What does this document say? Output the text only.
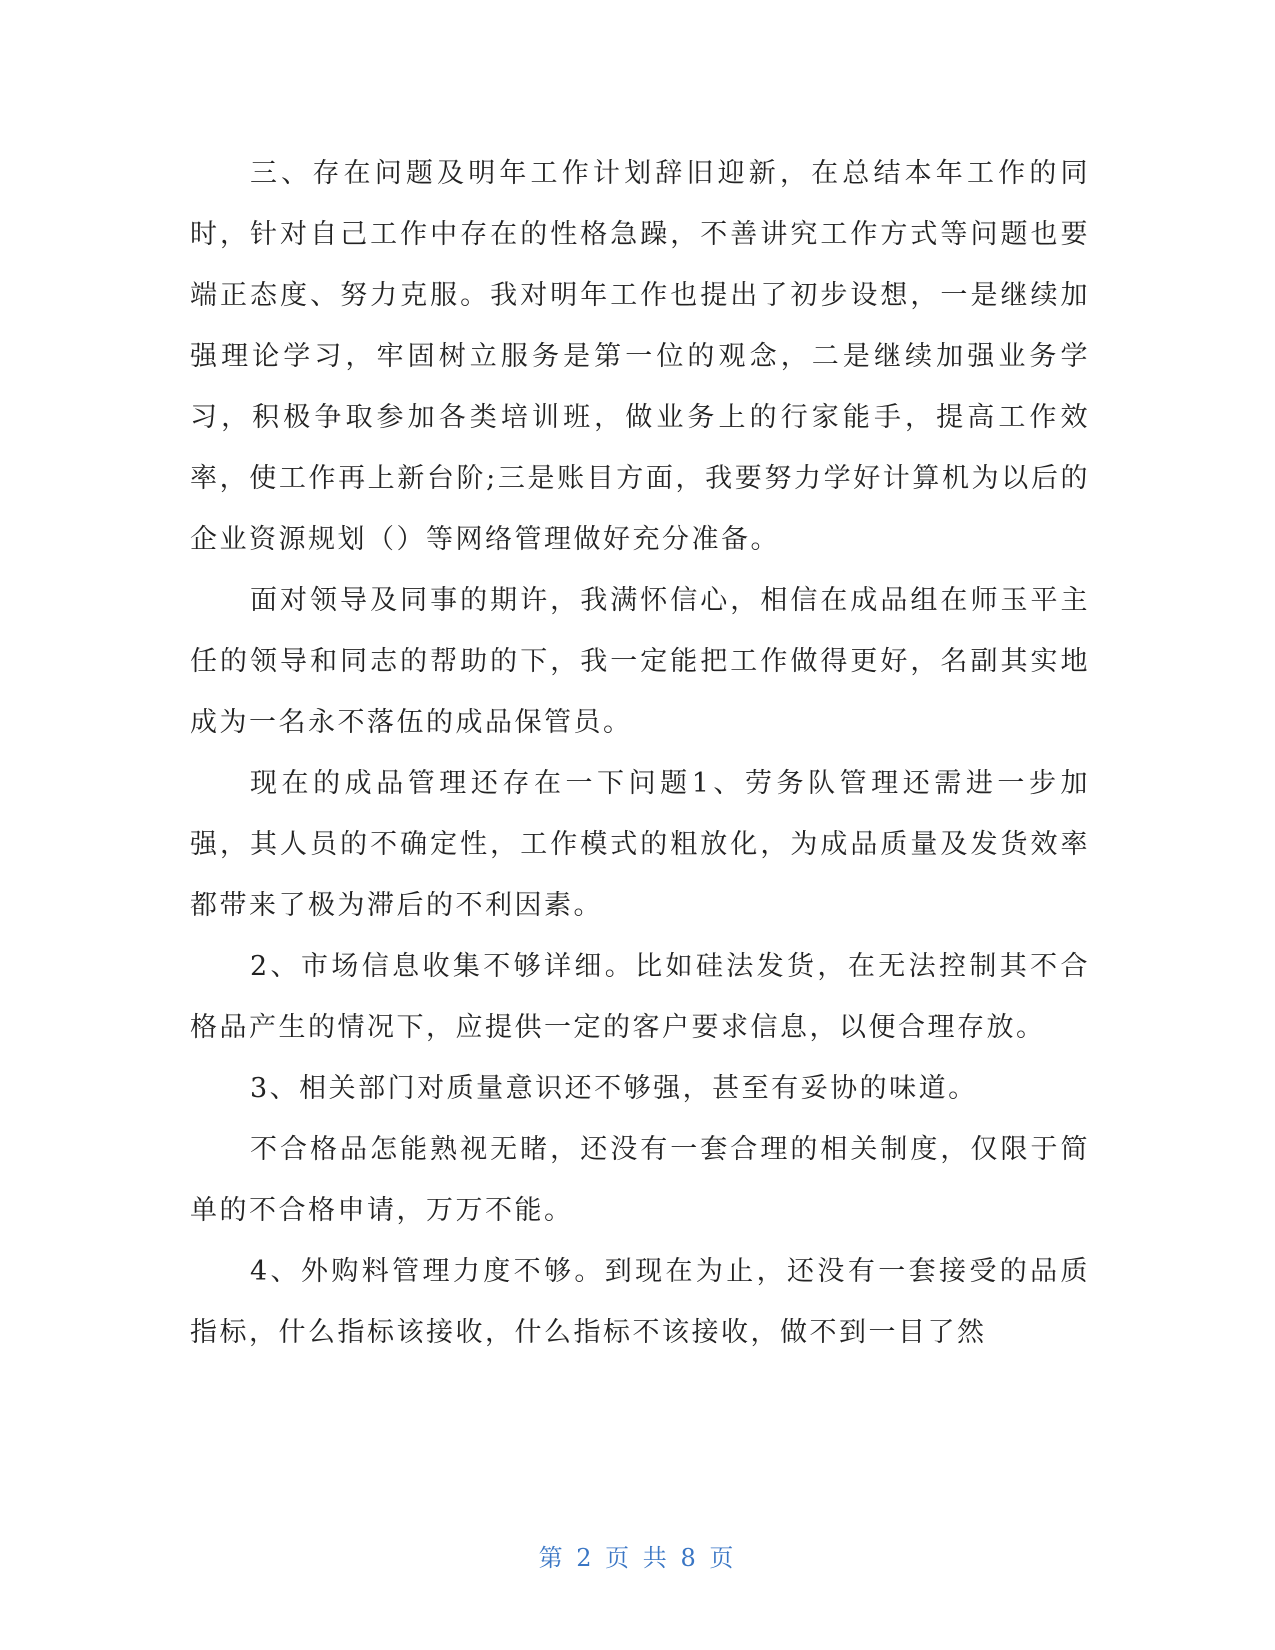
三、存在问题及明年工作计划辞旧迎新，在总结本年工作的同时，针对自己工作中存在的性格急躁，不善讲究工作方式等问题也要端正态度、努力克服。我对明年工作也提出了初步设想，一是继续加强理论学习，牢固树立服务是第一位的观念，二是继续加强业务学习，积极争取参加各类培训班，做业务上的行家能手，提高工作效率，使工作再上新台阶;三是账目方面，我要努力学好计算机为以后的企业资源规划（）等网络管理做好充分准备。

面对领导及同事的期许，我满怀信心，相信在成品组在师玉平主任的领导和同志的帮助的下，我一定能把工作做得更好，名副其实地成为一名永不落伍的成品保管员。

现在的成品管理还存在一下问题1、劳务队管理还需进一步加强，其人员的不确定性，工作模式的粗放化，为成品质量及发货效率都带来了极为滞后的不利因素。

2、市场信息收集不够详细。比如硅法发货，在无法控制其不合格品产生的情况下，应提供一定的客户要求信息，以便合理存放。

3、相关部门对质量意识还不够强，甚至有妥协的味道。

不合格品怎能熟视无睹，还没有一套合理的相关制度，仅限于简单的不合格申请，万万不能。

4、外购料管理力度不够。到现在为止，还没有一套接受的品质指标，什么指标该接收，什么指标不该接收，做不到一目了然

第 2 页 共 8 页
